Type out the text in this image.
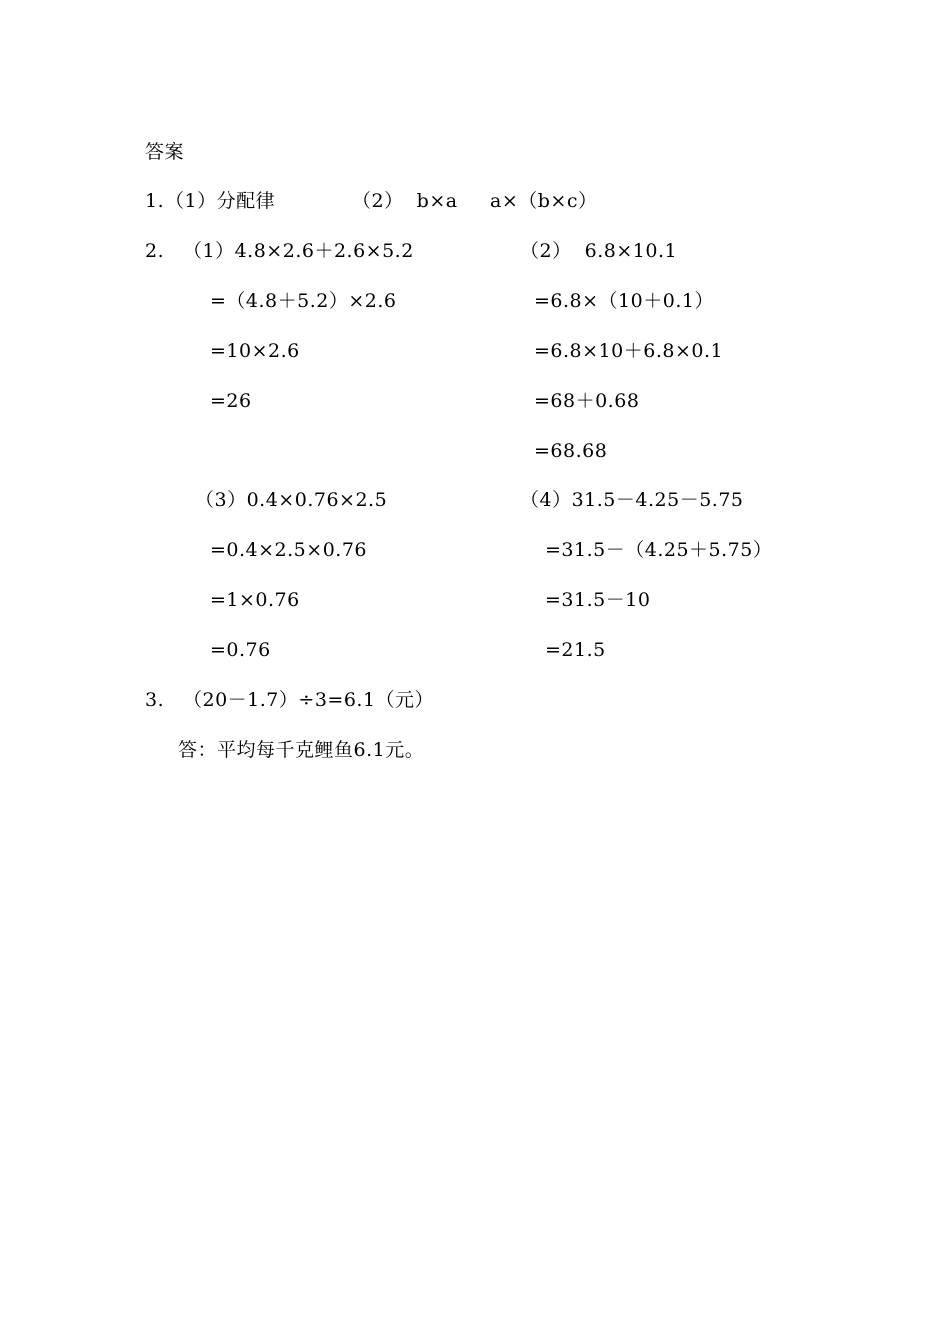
答案
1. （1）分配律	（2）  b×a a×（b×c）
2. （1）4.8×2.6＋2.6×5.2
=（4.8＋5.2）×2.6
=10×2.6
=26
（2）  6.8×10.1
=6.8×（10＋0.1）
=6.8×10＋6.8×0.1
=68＋0.68
=68.68
（3）0.4×0.76×2.5
=0.4×2.5×0.76
=1×0.76
=0.76
（4）31.5－4.25－5.75
=31.5－（4.25＋5.75）
=31.5－10
=21.5
3. （20－1.7）÷3=6.1（元）
答：平均每千克鲤鱼6.1元。
